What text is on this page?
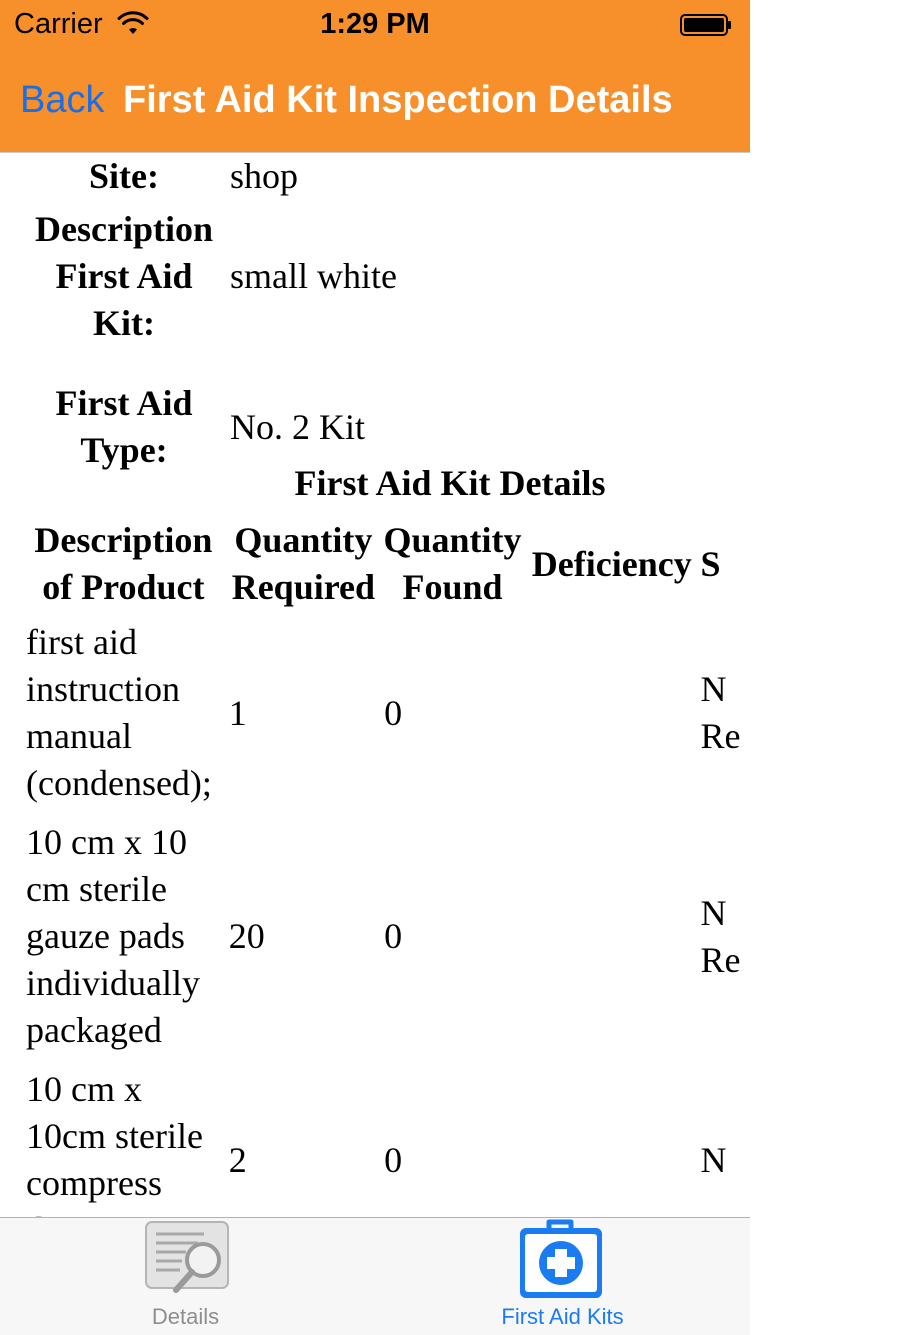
Carrier	1:29 PM
Back First Aid Kit Inspection Details
Site:	shop
Description First Aid Kit:	small white
First Aid Type:	No. 2 Kit
First Aid Kit Details
Description of Product	Quantity Required	Quantity Found	Deficiency	S
first aid instruction manual (condensed);	1	0		N Re
10 cm x 10 cm sterile gauze pads individually packaged	20	0		N Re
10 cm x 10cm sterile compress	2	0		N
Details	First Aid Kits
